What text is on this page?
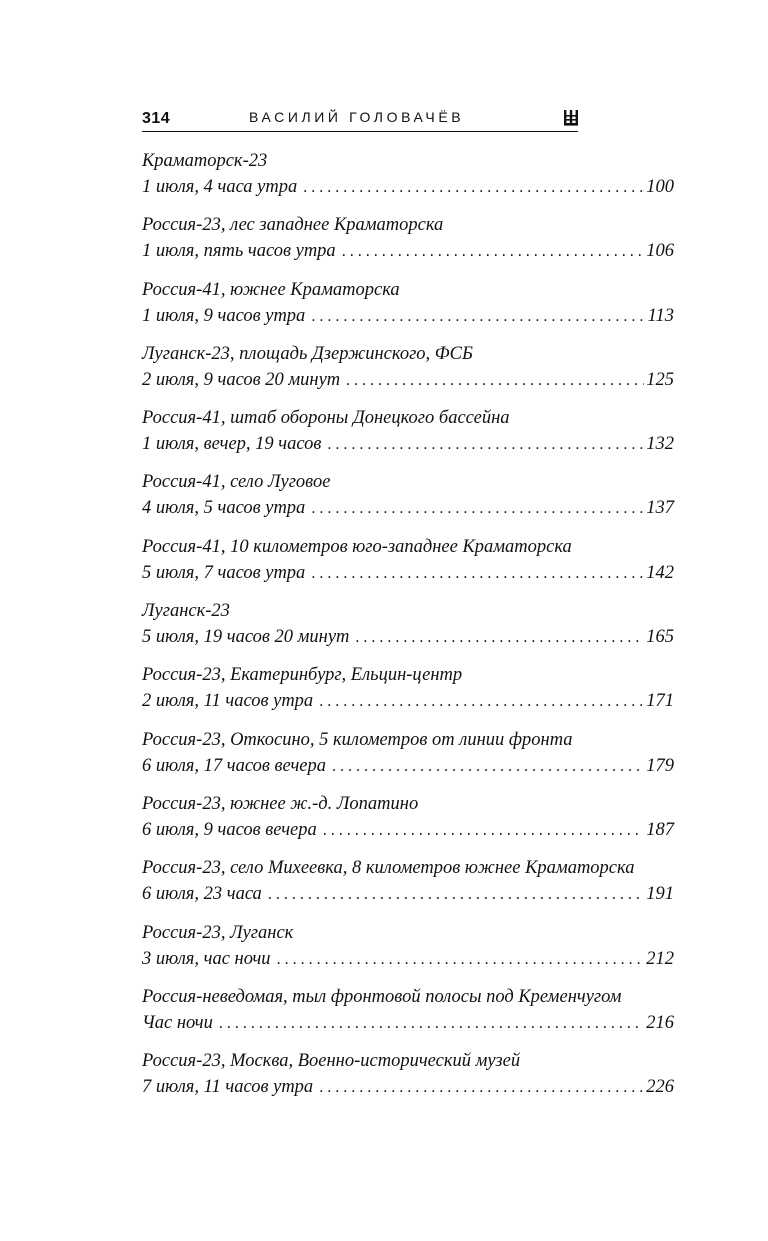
314	ВАСИЛИЙ ГОЛОВАЧЁВ
Краматорск-23
1 июля, 4 часа утра . . .	100
Россия-23, лес западнее Краматорска
1 июля, пять часов утра . . .	106
Россия-41, южнее Краматорска
1 июля, 9 часов утра . . .	113
Луганск-23, площадь Дзержинского, ФСБ
2 июля, 9 часов 20 минут . . .	125
Россия-41, штаб обороны Донецкого бассейна
1 июля, вечер, 19 часов . . .	132
Россия-41, село Луговое
4 июля, 5 часов утра . . .	137
Россия-41, 10 километров юго-западнее Краматорска
5 июля, 7 часов утра . . .	142
Луганск-23
5 июля, 19 часов 20 минут . . .	165
Россия-23, Екатеринбург, Ельцин-центр
2 июля, 11 часов утра . . .	171
Россия-23, Откосино, 5 километров от линии фронта
6 июля, 17 часов вечера . . .	179
Россия-23, южнее ж.-д. Лопатино
6 июля, 9 часов вечера . . .	187
Россия-23, село Михеевка, 8 километров южнее Краматорска
6 июля, 23 часа . . .	191
Россия-23, Луганск
3 июля, час ночи . . .	212
Россия-неведомая, тыл фронтовой полосы под Кременчугом
Час ночи . . .	216
Россия-23, Москва, Военно-исторический музей
7 июля, 11 часов утра . . .	226
